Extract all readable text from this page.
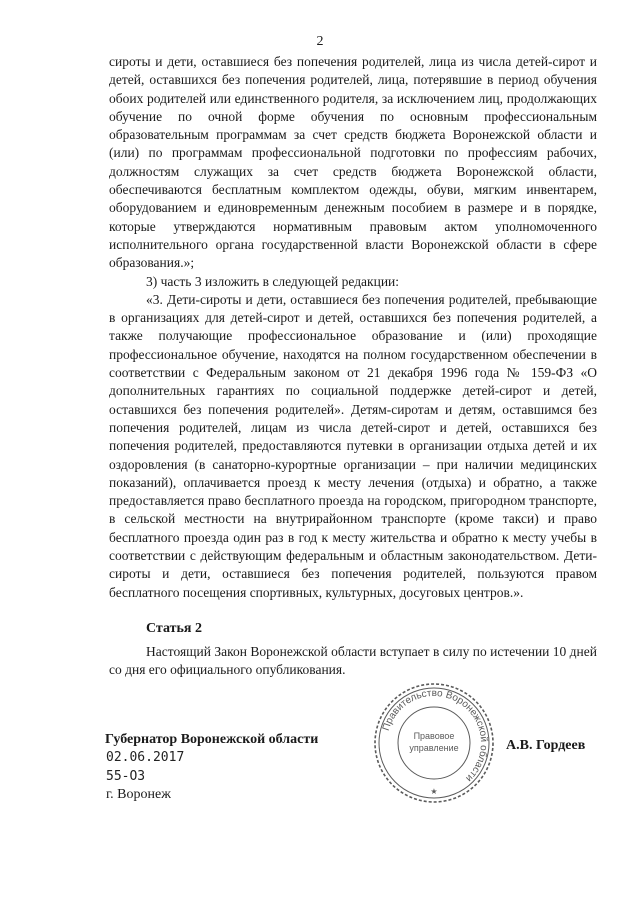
2

сироты и дети, оставшиеся без попечения родителей, лица из числа детей-сирот и детей, оставшихся без попечения родителей, лица, потерявшие в период обучения обоих родителей или единственного родителя, за исключением лиц, продолжающих обучение по очной форме обучения по основным профессиональным образовательным программам за счет средств бюджета Воронежской области и (или) по программам профессиональной подготовки по профессиям рабочих, должностям служащих за счет средств бюджета Воронежской области, обеспечиваются бесплатным комплектом одежды, обуви, мягким инвентарем, оборудованием и единовременным денежным пособием в размере и в порядке, которые утверждаются нормативным правовым актом уполномоченного исполнительного органа государственной власти Воронежской области в сфере образования.»;

3) часть 3 изложить в следующей редакции:

«3. Дети-сироты и дети, оставшиеся без попечения родителей, пребывающие в организациях для детей-сирот и детей, оставшихся без попечения родителей, а также получающие профессиональное образование и (или) проходящие профессиональное обучение, находятся на полном государственном обеспечении в соответствии с Федеральным законом от 21 декабря 1996 года № 159-ФЗ «О дополнительных гарантиях по социальной поддержке детей-сирот и детей, оставшихся без попечения родителей». Детям-сиротам и детям, оставшимся без попечения родителей, лицам из числа детей-сирот и детей, оставшихся без попечения родителей, предоставляются путевки в организации отдыха детей и их оздоровления (в санаторно-курортные организации – при наличии медицинских показаний), оплачивается проезд к месту лечения (отдыха) и обратно, а также предоставляется право бесплатного проезда на городском, пригородном транспорте, в сельской местности на внутрирайонном транспорте (кроме такси) и право бесплатного проезда один раз в год к месту жительства и обратно к месту учебы в соответствии с действующим федеральным и областным законодательством. Дети-сироты и дети, оставшиеся без попечения родителей, пользуются правом бесплатного посещения спортивных, культурных, досуговых центров.».

Статья 2

Настоящий Закон Воронежской области вступает в силу по истечении 10 дней со дня его официального опубликования.

Губернатор Воронежской области	А.В. Гордеев
02.06.2017
55-ОЗ
г. Воронеж
Правительство Воронежской области
Правовое
управление
★
